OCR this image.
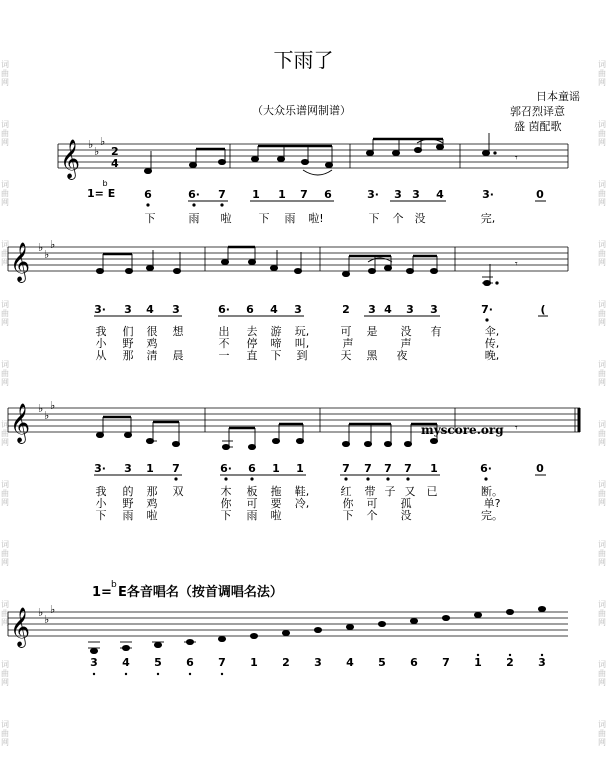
词
曲
网
词
曲
网
词
曲
网
词
曲
网
词
曲
网
词
曲
网
词
曲
网
词
曲
网
词
曲
网
词
曲
网
词
曲
网
词
曲
网
词
曲
网
词
曲
网
词
曲
网
词
曲
网
词
曲
网
词
曲
网
词
曲
网
词
曲
网
词
曲
网
词
曲
网
词
曲
网
词
曲
网
下雨了
日本童谣
郭召烈译意
盛 茵配歌
（大众乐谱网制谱）
𝄞 ♭
♭
♭
2
4	𝄾
1= E
b
6	6· 7 1 1 7 6	3· 3 3 4	3·	0
下	雨 啦 下 雨 啦!	下 个 没	完,
𝄞 ♭
♭
♭
𝄾
3· 3 4 3	6· 6 4 3	2 3 4 3 3	7·	(
我 们 很 想	出 去 游 玩,	可 是 没 有	伞,
小 野 鸡	不 停 啼 叫,	声	声	传,
从 那 清 晨	一 直 下 到	天 黑 夜	晚,
𝄞 ♭
♭
♭
𝄾
myscore.org
3· 3 1 7	6· 6 1 1	7 7 7 7 1	6·	0
我 的 那 双	木 板 拖 鞋,	红 带 子 又 已	断。
小 野 鸡	你 可 要 冷,	你 可 孤	单?
下 雨 啦	下 雨 啦	下 个 没	完。
1= b E各音唱名（按首调唱名法）
𝄞 ♭
♭
♭
3 4 5 6 7 1 2 3 4 5 6 7 1 2 3
